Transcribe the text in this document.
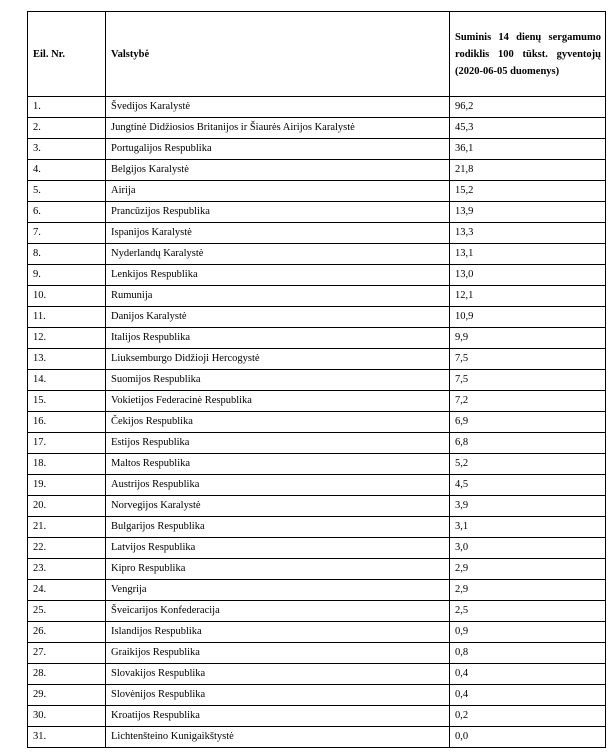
Eil. Nr.	Valstybė	Suminis 14 dienų sergamumo rodiklis 100 tūkst. gyventojų (2020-06-05 duomenys)
1.	Švedijos Karalystė	96,2
2.	Jungtinė Didžiosios Britanijos ir Šiaurės Airijos Karalystė	45,3
3.	Portugalijos Respublika	36,1
4.	Belgijos Karalystė	21,8
5.	Airija	15,2
6.	Prancūzijos Respublika	13,9
7.	Ispanijos Karalystė	13,3
8.	Nyderlandų Karalystė	13,1
9.	Lenkijos Respublika	13,0
10.	Rumunija	12,1
11.	Danijos Karalystė	10,9
12.	Italijos Respublika	9,9
13.	Liuksemburgo Didžioji Hercogystė	7,5
14.	Suomijos Respublika	7,5
15.	Vokietijos Federacinė Respublika	7,2
16.	Čekijos Respublika	6,9
17.	Estijos Respublika	6,8
18.	Maltos Respublika	5,2
19.	Austrijos Respublika	4,5
20.	Norvegijos Karalystė	3,9
21.	Bulgarijos Respublika	3,1
22.	Latvijos Respublika	3,0
23.	Kipro Respublika	2,9
24.	Vengrija	2,9
25.	Šveicarijos Konfederacija	2,5
26.	Islandijos Respublika	0,9
27.	Graikijos Respublika	0,8
28.	Slovakijos Respublika	0,4
29.	Slovėnijos Respublika	0,4
30.	Kroatijos Respublika	0,2
31.	Lichtenšteino Kunigaikštystė	0,0
